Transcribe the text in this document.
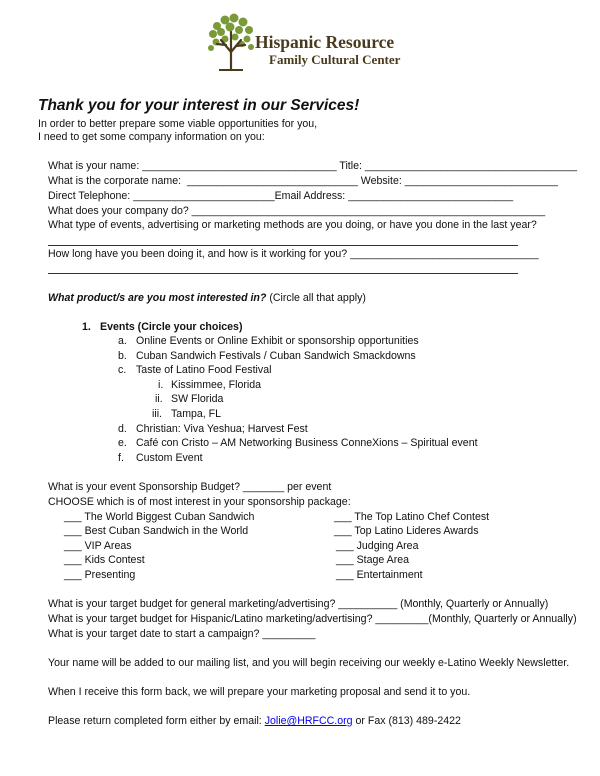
Hispanic Resource
Family Cultural Center
Thank you for your interest in our Services!
In order to better prepare some viable opportunities for you,
I need to get some company information on you:
What is your name: _________________________________ Title: ____________________________________
What is the corporate name:  _____________________________ Website: __________________________
Direct Telephone: ________________________Email Address: ____________________________
What does your company do? ____________________________________________________________
What type of events, advertising or marketing methods are you doing, or have you done in the last year?
How long have you been doing it, and how is it working for you? ________________________________
What product/s are you most interested in? (Circle all that apply)
1. Events (Circle your choices)
a. Online Events or Online Exhibit or sponsorship opportunities
b. Cuban Sandwich Festivals / Cuban Sandwich Smackdowns
c. Taste of Latino Food Festival
i. Kissimmee, Florida
ii. SW Florida
iii. Tampa, FL
d. Christian: Viva Yeshua; Harvest Fest
e. Café con Cristo – AM Networking Business ConneXions – Spiritual event
f. Custom Event
What is your event Sponsorship Budget? _______ per event
CHOOSE which is of most interest in your sponsorship package:
___ The World Biggest Cuban Sandwich
___ Best Cuban Sandwich in the World
___ VIP Areas
___ Kids Contest
___ Presenting
___ The Top Latino Chef Contest
___ Top Latino Lideres Awards
___ Judging Area
___ Stage Area
___ Entertainment
What is your target budget for general marketing/advertising? __________ (Monthly, Quarterly or Annually)
What is your target budget for Hispanic/Latino marketing/advertising? _________(Monthly, Quarterly or Annually)
What is your target date to start a campaign? _________
Your name will be added to our mailing list, and you will begin receiving our weekly e-Latino Weekly Newsletter.
When I receive this form back, we will prepare your marketing proposal and send it to you.
Please return completed form either by email: Jolie@HRFCC.org or Fax (813) 489-2422
